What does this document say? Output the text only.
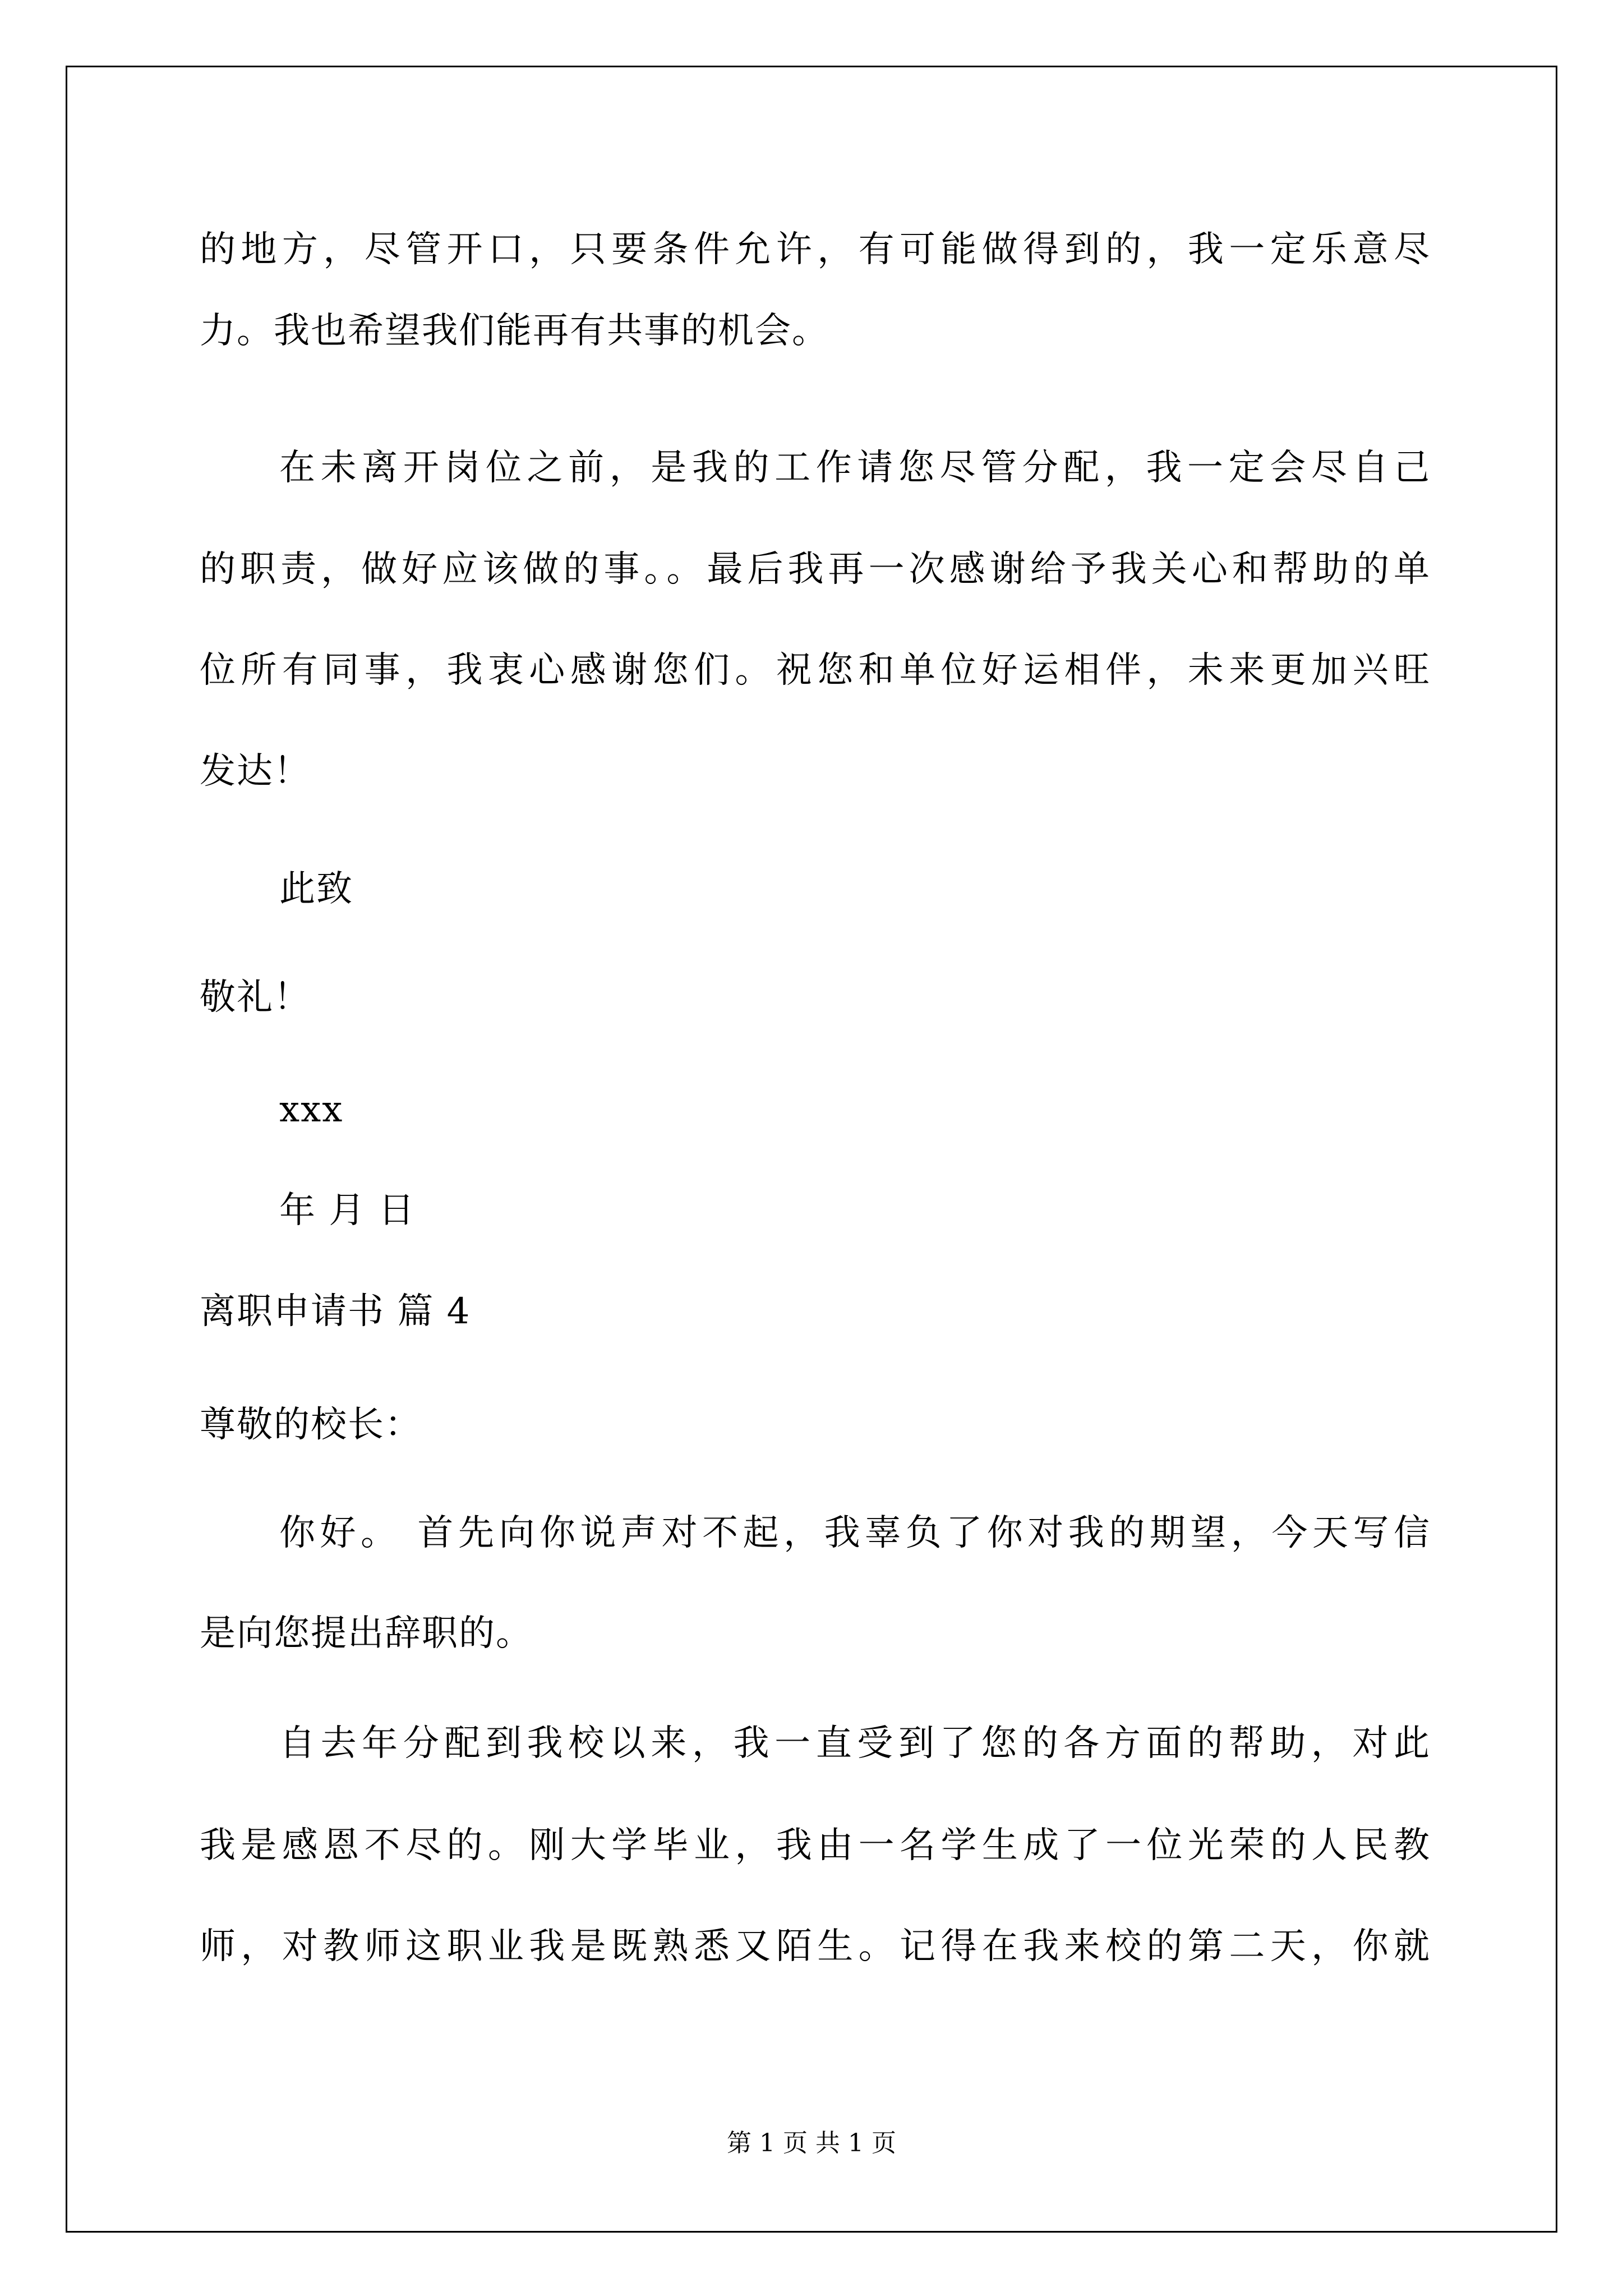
的地方，尽管开口，只要条件允许，有可能做得到的，我一定乐意尽
力。我也希望我们能再有共事的机会。
在未离开岗位之前，是我的工作请您尽管分配，我一定会尽自己
的职责，做好应该做的事。。最后我再一次感谢给予我关心和帮助的单
位所有同事，我衷心感谢您们。祝您和单位好运相伴，未来更加兴旺
发达！
此致
敬礼！
xxx
年 月 日
离职申请书 篇 4
尊敬的校长：
你好。 首先向你说声对不起，我辜负了你对我的期望，今天写信
是向您提出辞职的。
自去年分配到我校以来，我一直受到了您的各方面的帮助，对此
我是感恩不尽的。刚大学毕业，我由一名学生成了一位光荣的人民教
师，对教师这职业我是既熟悉又陌生。记得在我来校的第二天，你就
第 1 页 共 1 页
